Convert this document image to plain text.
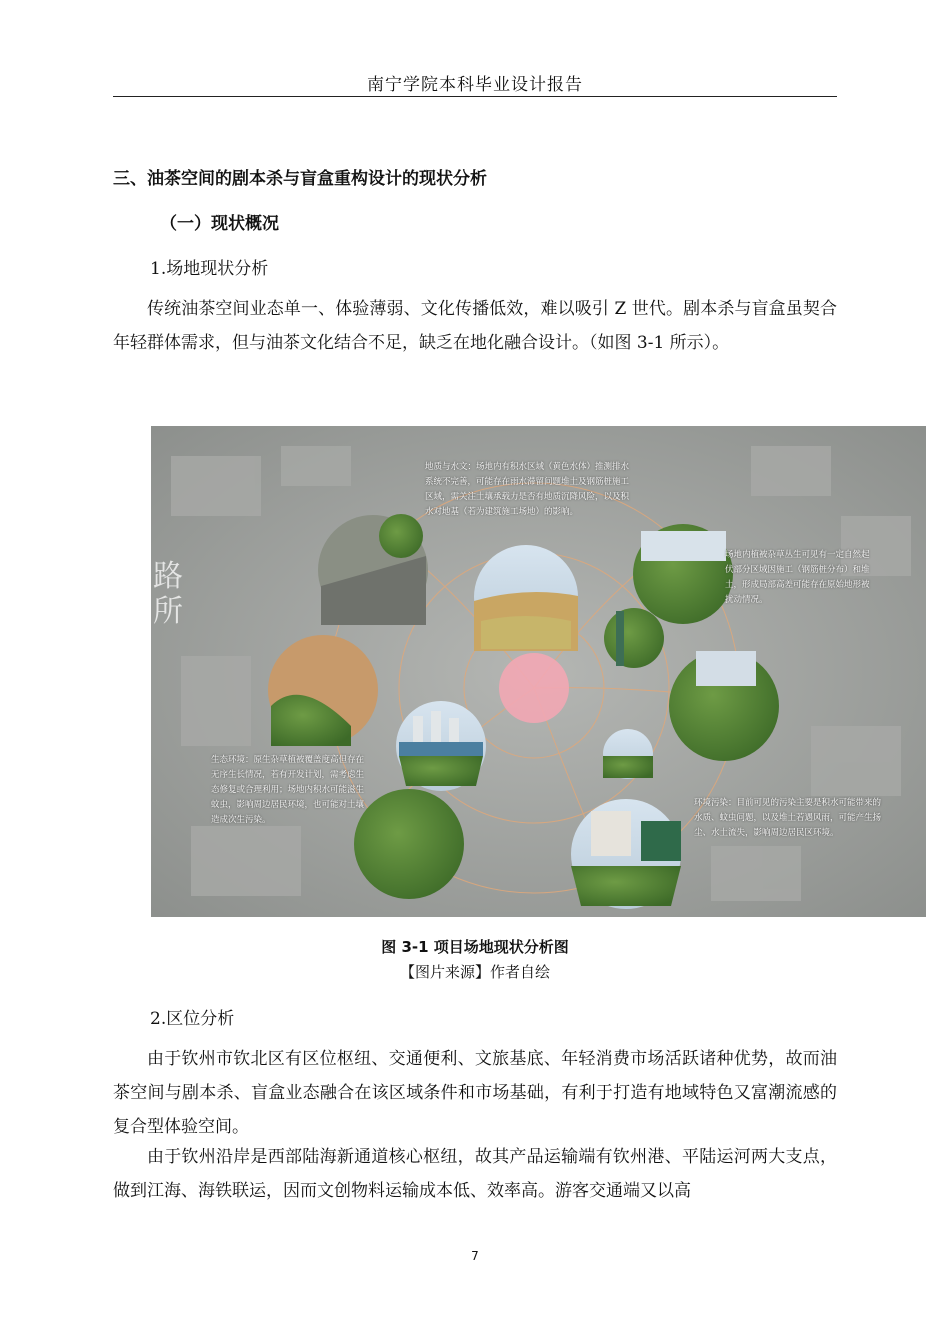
南宁学院本科毕业设计报告
三、油茶空间的剧本杀与盲盒重构设计的现状分析
（一）现状概况
1.场地现状分析
传统油茶空间业态单一、体验薄弱、文化传播低效，难以吸引 Z 世代。剧本杀与盲盒虽契合年轻群体需求，但与油茶文化结合不足，缺乏在地化融合设计。（如图 3-1 所示）。
路
所
地质与水文：场地内有积水区域（黄色水体）推测排水系统不完善，可能存在雨水滞留问题堆土及钢筋桩施工区域，需关注土壤承载力是否有地质沉降风险，以及积水对地基（若为建筑施工场地）的影响。
场地内植被杂草丛生可见有一定自然起伏部分区域因施工（钢筋桩分布）和堆土，形成局部高差可能存在原始地形被扰动情况。
生态环境：原生杂草植被覆盖度高但存在无序生长情况，若有开发计划，需考虑生态修复或合理利用；场地内积水可能滋生蚊虫，影响周边居民环境，也可能对土壤造成次生污染。
环境污染：目前可见的污染主要是积水可能带来的水质、蚊虫问题，以及堆土若遇风雨，可能产生扬尘、水土流失，影响周边居民区环境。
图 3-1 项目场地现状分析图
【图片来源】作者自绘
2.区位分析
由于钦州市钦北区有区位枢纽、交通便利、文旅基底、年轻消费市场活跃诸种优势，故而油茶空间与剧本杀、盲盒业态融合在该区域条件和市场基础，有利于打造有地域特色又富潮流感的复合型体验空间。
由于钦州沿岸是西部陆海新通道核心枢纽，故其产品运输端有钦州港、平陆运河两大支点，做到江海、海铁联运，因而文创物料运输成本低、效率高。游客交通端又以高
7
